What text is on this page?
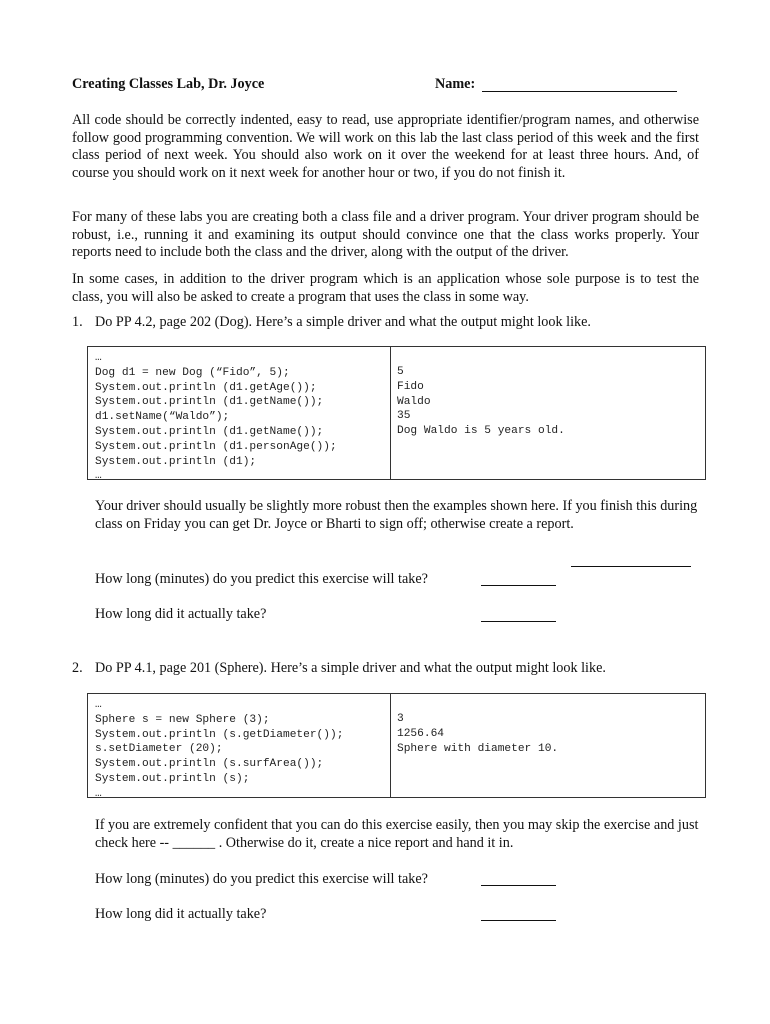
Creating Classes Lab, Dr. Joyce	Name:
All code should be correctly indented, easy to read, use appropriate identifier/program names, and otherwise follow good programming convention. We will work on this lab the last class period of this week and the first class period of next week. You should also work on it over the weekend for at least three hours. And, of course you should work on it next week for another hour or two, if you do not finish it.
For many of these labs you are creating both a class file and a driver program. Your driver program should be robust, i.e., running it and examining its output should convince one that the class works properly. Your reports need to include both the class and the driver, along with the output of the driver.
In some cases, in addition to the driver program which is an application whose sole purpose is to test the class, you will also be asked to create a program that uses the class in some way.
1. Do PP 4.2, page 202 (Dog). Here’s a simple driver and what the output might look like.
…
Dog d1 = new Dog (“Fido”, 5);
System.out.println (d1.getAge());
System.out.println (d1.getName());
d1.setName(“Waldo”);
System.out.println (d1.getName());
System.out.println (d1.personAge());
System.out.println (d1);
…
5
Fido
Waldo
35
Dog Waldo is 5 years old.
Your driver should usually be slightly more robust then the examples shown here. If you finish this during class on Friday you can get Dr. Joyce or Bharti to sign off; otherwise create a report.
How long (minutes) do you predict this exercise will take?
How long did it actually take?
2. Do PP 4.1, page 201 (Sphere). Here’s a simple driver and what the output might look like.
…
Sphere s = new Sphere (3);
System.out.println (s.getDiameter());
s.setDiameter (20);
System.out.println (s.surfArea());
System.out.println (s);
…
3
1256.64
Sphere with diameter 10.
If you are extremely confident that you can do this exercise easily, then you may skip the exercise and just check here -- ______ . Otherwise do it, create a nice report and hand it in.
How long (minutes) do you predict this exercise will take?
How long did it actually take?
